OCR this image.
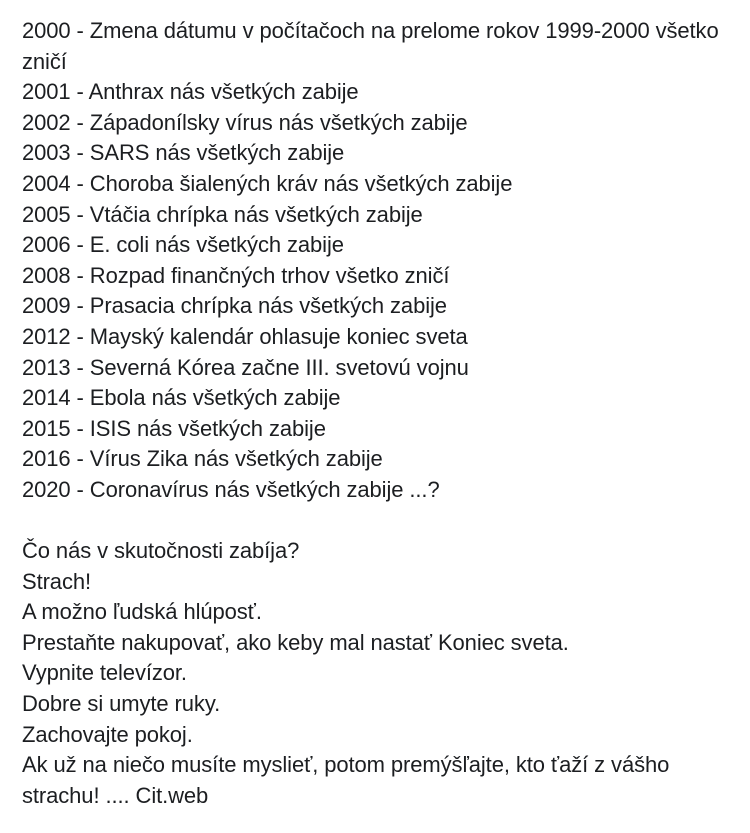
2000 - Zmena dátumu v počítačoch na prelome rokov 1999-2000 všetko zničí
2001 - Anthrax nás všetkých zabije
2002 - Západonílsky vírus nás všetkých zabije
2003 - SARS nás všetkých zabije
2004 - Choroba šialených kráv nás všetkých zabije
2005 - Vtáčia chrípka nás všetkých zabije
2006 - E. coli nás všetkých zabije
2008 - Rozpad finančných trhov všetko zničí
2009 - Prasacia chrípka nás všetkých zabije
2012 - Mayský kalendár ohlasuje koniec sveta
2013 - Severná Kórea začne III. svetovú vojnu
2014 - Ebola nás všetkých zabije
2015 - ISIS nás všetkých zabije
2016 - Vírus Zika nás všetkých zabije
2020 - Coronavírus nás všetkých zabije ...?
Čo nás v skutočnosti zabíja?
Strach!
A možno ľudská hlúposť.
Prestaňte nakupovať, ako keby mal nastať Koniec sveta.
Vypnite televízor.
Dobre si umyte ruky.
Zachovajte pokoj.
Ak už na niečo musíte myslieť, potom premýšľajte, kto ťaží z vášho strachu! .... Cit.web
